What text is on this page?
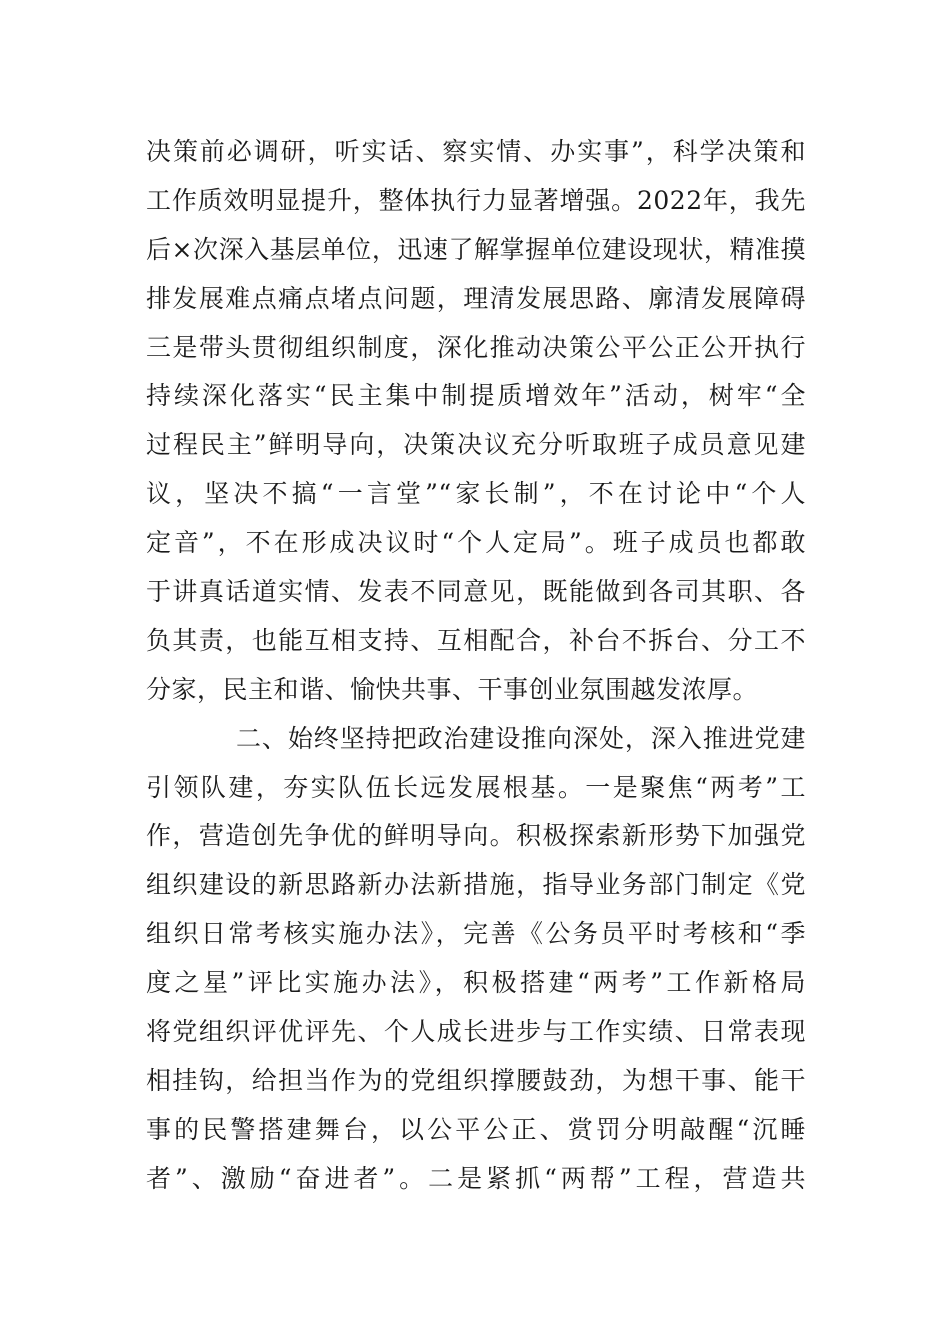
决策前必调研，听实话、察实情、办实事”，科学决策和
工作质效明显提升，整体执行力显著增强。2022年，我先
后×次深入基层单位，迅速了解掌握单位建设现状，精准摸
排发展难点痛点堵点问题，理清发展思路、廓清发展障碍
三是带头贯彻组织制度，深化推动决策公平公正公开执行
持续深化落实“民主集中制提质增效年”活动，树牢“全
过程民主”鲜明导向，决策决议充分听取班子成员意见建
议，坚决不搞“一言堂”“家长制”，不在讨论中“个人
定音”，不在形成决议时“个人定局”。班子成员也都敢
于讲真话道实情、发表不同意见，既能做到各司其职、各
负其责，也能互相支持、互相配合，补台不拆台、分工不
分家，民主和谐、愉快共事、干事创业氛围越发浓厚。
二、始终坚持把政治建设推向深处，深入推进党建
引领队建，夯实队伍长远发展根基。一是聚焦“两考”工
作，营造创先争优的鲜明导向。积极探索新形势下加强党
组织建设的新思路新办法新措施，指导业务部门制定《党
组织日常考核实施办法》，完善《公务员平时考核和“季
度之星”评比实施办法》，积极搭建“两考”工作新格局
将党组织评优评先、个人成长进步与工作实绩、日常表现
相挂钩，给担当作为的党组织撑腰鼓劲，为想干事、能干
事的民警搭建舞台，以公平公正、赏罚分明敲醒“沉睡
者”、激励“奋进者”。二是紧抓“两帮”工程，营造共
